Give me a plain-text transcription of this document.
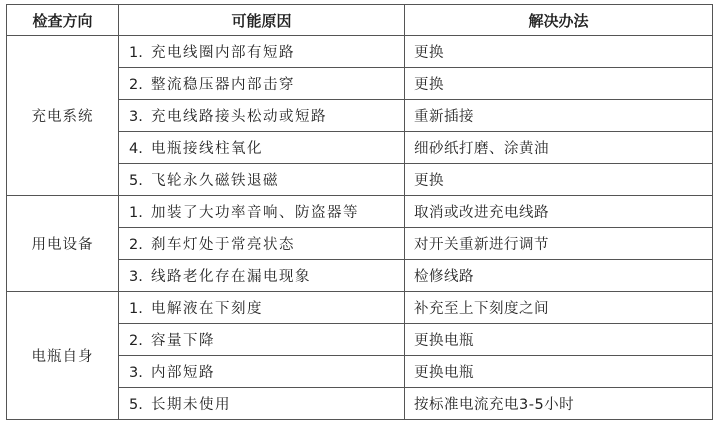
检查方向	可能原因	解决办法
充电系统	1. 充电线圈内部有短路	更换
	2. 整流稳压器内部击穿	更换
	3. 充电线路接头松动或短路	重新插接
	4. 电瓶接线柱氧化	细砂纸打磨、涂黄油
	5. 飞轮永久磁铁退磁	更换
用电设备	1. 加装了大功率音响、防盗器等	取消或改进充电线路
	2. 刹车灯处于常亮状态	对开关重新进行调节
	3. 线路老化存在漏电现象	检修线路
电瓶自身	1. 电解液在下刻度	补充至上下刻度之间
	2. 容量下降	更换电瓶
	3. 内部短路	更换电瓶
	5. 长期未使用	按标准电流充电3-5小时
